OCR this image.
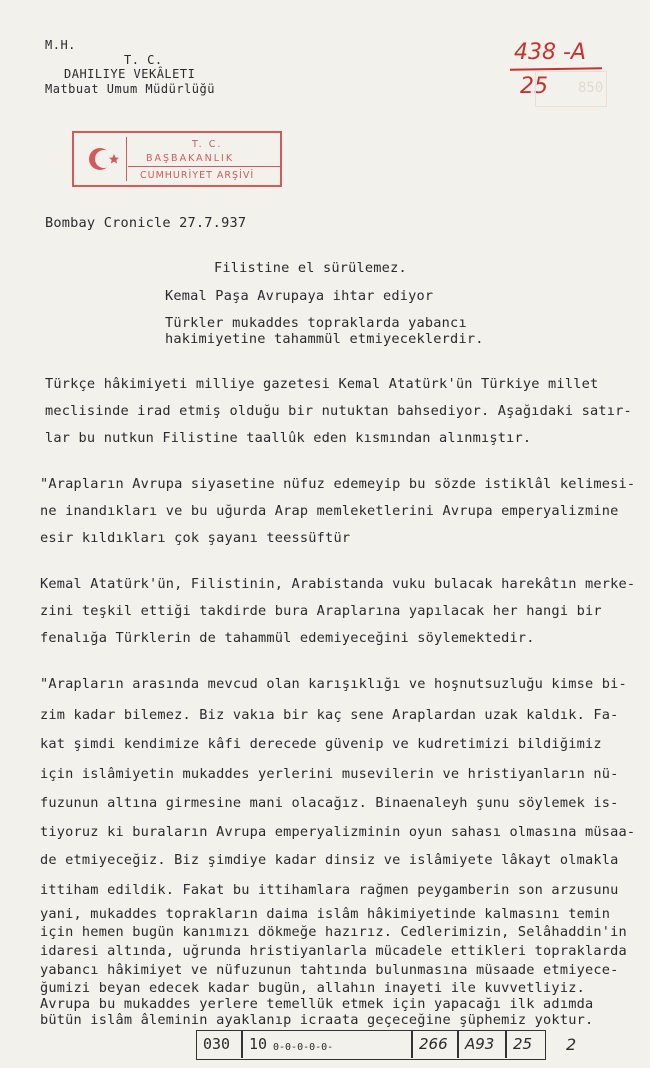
M.H.
T. C.
DAHILIYE VEKÂLETI
Matbuat Umum Müdürlüğü
438 -A
25 850
T. C.
BAŞBAKANLIK
CUMHURİYET ARŞİVİ
Bombay Cronicle 27.7.937
Filistine el sürülemez.
Kemal Paşa Avrupaya ihtar ediyor
Türkler mukaddes topraklarda yabancı
hakimiyetine tahammül etmiyeceklerdir.
Türkçe hâkimiyeti milliye gazetesi Kemal Atatürk'ün Türkiye millet
meclisinde irad etmiş olduğu bir nutuktan bahsediyor. Aşağıdaki satır-
lar bu nutkun Filistine taallûk eden kısmından alınmıştır.
"Arapların Avrupa siyasetine nüfuz edemeyip bu sözde istiklâl kelimesi-
ne inandıkları ve bu uğurda Arap memleketlerini Avrupa emperyalizmine
esir kıldıkları çok şayanı teessüftür
Kemal Atatürk'ün, Filistinin, Arabistanda vuku bulacak harekâtın merke-
zini teşkil ettiği takdirde bura Araplarına yapılacak her hangi bir
fenalığa Türklerin de tahammül edemiyeceğini söylemektedir.
"Arapların arasında mevcud olan karışıklığı ve hoşnutsuzluğu kimse bi-
zim kadar bilemez. Biz vakıa bir kaç sene Araplardan uzak kaldık. Fa-
kat şimdi kendimize kâfi derecede güvenip ve kudretimizi bildiğimiz
için islâmiyetin mukaddes yerlerini musevilerin ve hristiyanların nü-
fuzunun altına girmesine mani olacağız. Binaenaleyh şunu söylemek is-
tiyoruz ki buraların Avrupa emperyalizminin oyun sahası olmasına müsaa-
de etmiyeceğiz. Biz şimdiye kadar dinsiz ve islâmiyete lâkayt olmakla
ittiham edildik. Fakat bu ittihamlara rağmen peygamberin son arzusunu
yani, mukaddes toprakların daima islâm hâkimiyetinde kalmasını temin
için hemen bugün kanımızı dökmeğe hazırız. Cedlerimizin, Selâhaddin'in
idaresi altında, uğrunda hristiyanlarla mücadele ettikleri topraklarda
yabancı hâkimiyet ve nüfuzunun tahtında bulunmasına müsaade etmiyece-
ğumizi beyan edecek kadar bugün, allahın inayeti ile kuvvetliyiz.
Avrupa bu mukaddes yerlere temellük etmek için yapacağı ilk adımda
bütün islâm âleminin ayaklanıp icraata geçeceğine şüphemiz yoktur.
030 10 0-0-0-0-0-	266 A93 25 2
